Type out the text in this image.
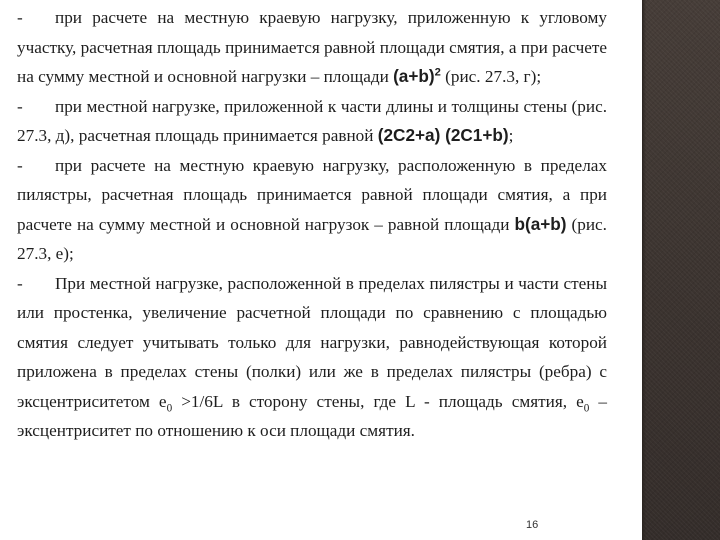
- при расчете на местную краевую нагрузку, приложенную к угловому участку, расчетная площадь принимается равной площади смятия, а при расчете на сумму местной и основной нагрузки – площади $(a+b)^2$ (рис. 27.3, г);

- при местной нагрузке, приложенной к части длины и толщины стены (рис. 27.3, д), расчетная площадь принимается равной (2C2+a) (2C1+b);

- при расчете на местную краевую нагрузку, расположенную в пределах пилястры, расчетная площадь принимается равной площади смятия, а при расчете на сумму местной и основной нагрузок – равной площади b(a+b) (рис. 27.3, е);

- При местной нагрузке, расположенной в пределах пилястры и части стены или простенка, увеличение расчетной площади по сравнению с площадью смятия следует учитывать только для нагрузки, равнодействующая которой приложена в пределах стены (полки) или же в пределах пилястры (ребра) с эксцентриситетом $е_0 >1/6L$ в сторону стены, где L - площадь смятия, $е_0$ – эксцентриситет по отношению к оси площади смятия.

16
